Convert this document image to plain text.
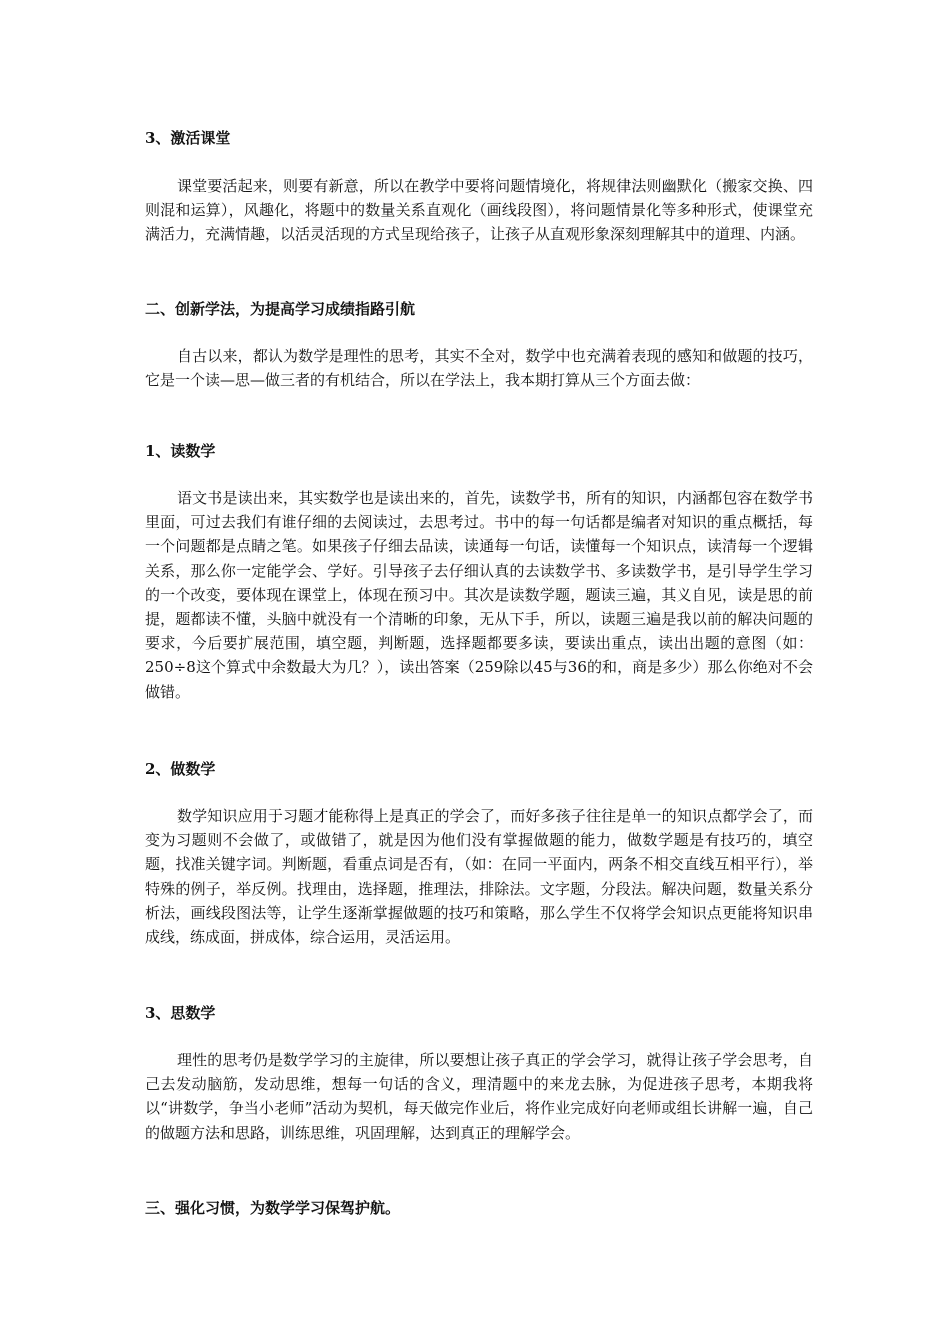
3、激活课堂
课堂要活起来，则要有新意，所以在教学中要将问题情境化，将规律法则幽默化（搬家交换、四则混和运算），风趣化，将题中的数量关系直观化（画线段图），将问题情景化等多种形式，使课堂充满活力，充满情趣，以活灵活现的方式呈现给孩子，让孩子从直观形象深刻理解其中的道理、内涵。
二、创新学法，为提高学习成绩指路引航
自古以来，都认为数学是理性的思考，其实不全对，数学中也充满着表现的感知和做题的技巧，它是一个读—思—做三者的有机结合，所以在学法上，我本期打算从三个方面去做：
1、读数学
语文书是读出来，其实数学也是读出来的，首先，读数学书，所有的知识，内涵都包容在数学书里面，可过去我们有谁仔细的去阅读过，去思考过。书中的每一句话都是编者对知识的重点概括，每一个问题都是点睛之笔。如果孩子仔细去品读，读通每一句话，读懂每一个知识点，读清每一个逻辑关系，那么你一定能学会、学好。引导孩子去仔细认真的去读数学书、多读数学书，是引导学生学习的一个改变，要体现在课堂上，体现在预习中。其次是读数学题，题读三遍，其义自见，读是思的前提，题都读不懂，头脑中就没有一个清晰的印象，无从下手，所以，读题三遍是我以前的解决问题的要求，今后要扩展范围，填空题，判断题，选择题都要多读，要读出重点，读出出题的意图（如：250÷8这个算式中余数最大为几？），读出答案（259除以45与36的和，商是多少）那么你绝对不会做错。
2、做数学
数学知识应用于习题才能称得上是真正的学会了，而好多孩子往往是单一的知识点都学会了，而变为习题则不会做了，或做错了，就是因为他们没有掌握做题的能力，做数学题是有技巧的，填空题，找准关键字词。判断题，看重点词是否有，（如：在同一平面内，两条不相交直线互相平行），举特殊的例子，举反例。找理由，选择题，推理法，排除法。文字题，分段法。解决问题，数量关系分析法，画线段图法等，让学生逐渐掌握做题的技巧和策略，那么学生不仅将学会知识点更能将知识串成线，练成面，拼成体，综合运用，灵活运用。
3、思数学
理性的思考仍是数学学习的主旋律，所以要想让孩子真正的学会学习，就得让孩子学会思考，自己去发动脑筋，发动思维，想每一句话的含义，理清题中的来龙去脉，为促进孩子思考，本期我将以“讲数学，争当小老师”活动为契机，每天做完作业后，将作业完成好向老师或组长讲解一遍，自己的做题方法和思路，训练思维，巩固理解，达到真正的理解学会。
三、强化习惯，为数学学习保驾护航。
